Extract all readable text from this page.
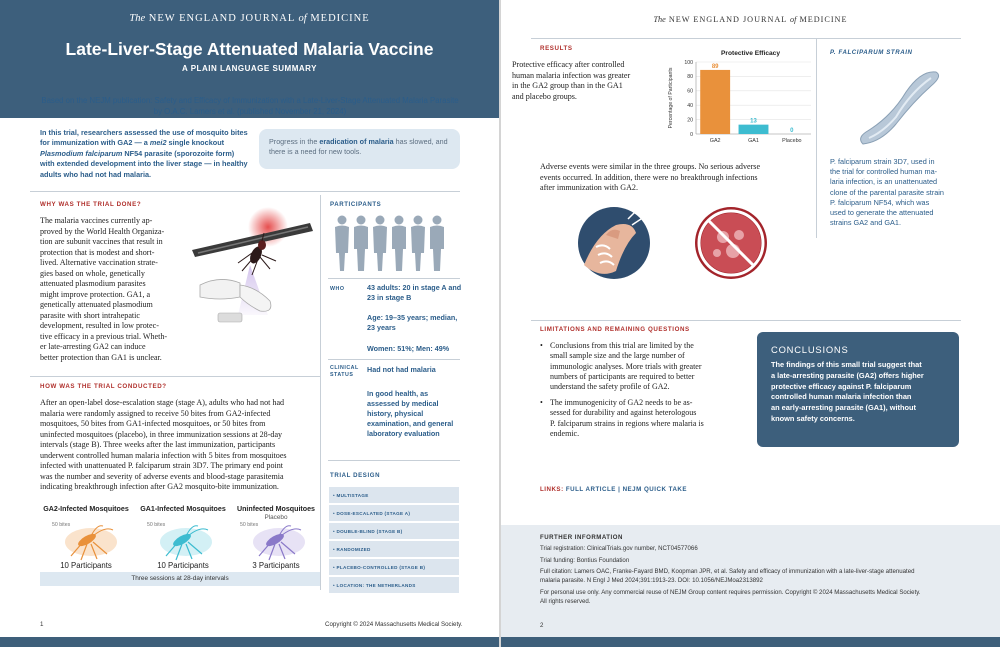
The NEW ENGLAND JOURNAL of MEDICINE
Late-Liver-Stage Attenuated Malaria Vaccine
A PLAIN LANGUAGE SUMMARY
Based on the NEJM publication: Safety and Efficacy of Immunization with a Late-Liver-Stage Attenuated Malaria Parasite
by O.A.C. Lamers et al. (published November 21, 2024)
In this trial, researchers assessed the use of mosquito bites for immunization with GA2 — a mei2 single knockout Plasmodium falciparum NF54 parasite (sporozoite form) with extended development into the liver stage — in healthy adults who had not had malaria.
Progress in the eradication of malaria has slowed, and there is a need for new tools.
WHY WAS THE TRIAL DONE?
The malaria vaccines currently ap-
proved by the World Health Organiza-
tion are subunit vaccines that result in
protection that is modest and short-
lived. Alternative vaccination strate-
gies based on whole, genetically
attenuated plasmodium parasites
might improve protection. GA1, a
genetically attenuated plasmodium
parasite with short intrahepatic
development, resulted in low protec-
tive efficacy in a previous trial. Wheth-
er late-arresting GA2 can induce
better protection than GA1 is unclear.
HOW WAS THE TRIAL CONDUCTED?
After an open-label dose-escalation stage (stage A), adults who had not had
malaria were randomly assigned to receive 50 bites from GA2-infected
mosquitoes, 50 bites from GA1-infected mosquitoes, or 50 bites from
uninfected mosquitoes (placebo), in three immunization sessions at 28-day
intervals (stage B). Three weeks after the last immunization, participants
underwent controlled human malaria infection with 5 bites from mosquitoes
infected with unattenuated P. falciparum strain 3D7. The primary end point
was the number and severity of adverse events and blood-stage parasitemia
indicating breakthrough infection after GA2 mosquito-bite immunization.
GA2-Infected Mosquitoes	GA1-Infected Mosquitoes	Uninfected Mosquitoes
Placebo
50 bites	50 bites	50 bites
10 Participants	10 Participants	3 Participants
Three sessions at 28-day intervals
PARTICIPANTS
WHO	43 adults: 20 in stage A and 23 in stage B
Age: 19–35 years; median, 23 years
Women: 51%; Men: 49%
CLINICAL
STATUS
Had not had malaria
In good health, as assessed by medical history, physical examination, and general laboratory evaluation
TRIAL DESIGN
• MULTISTAGE
• DOSE-ESCALATED (STAGE A)
• DOUBLE-BLIND (STAGE B)
• RANDOMIZED
• PLACEBO-CONTROLLED (STAGE B)
• LOCATION: THE NETHERLANDS
1	Copyright © 2024 Massachusetts Medical Society.
The NEW ENGLAND JOURNAL of MEDICINE
RESULTS
Protective efficacy after controlled
human malaria infection was greater
in the GA2 group than in the GA1
and placebo groups.
Protective Efficacy
Percentage of Participants
0
20
40
60
80
100
89
GA2
13
GA1
0
Placebo
P. FALCIPARUM STRAIN
P. falciparum strain 3D7, used in
the trial for controlled human ma-
laria infection, is an unattenuated
clone of the parental parasite strain
P. falciparum NF54, which was
used to generate the attenuated
strains GA2 and GA1.
Adverse events were similar in the three groups. No serious adverse
events occurred. In addition, there were no breakthrough infections
after immunization with GA2.
LIMITATIONS AND REMAINING QUESTIONS
• Conclusions from this trial are limited by the
small sample size and the large number of
immunologic analyses. More trials with greater
numbers of participants are required to better
understand the safety profile of GA2.
• The immunogenicity of GA2 needs to be as-
sessed for durability and against heterologous
P. falciparum strains in regions where malaria is
endemic.
LINKS: FULL ARTICLE | NEJM QUICK TAKE
FURTHER INFORMATION
Trial registration: ClinicalTrials.gov number, NCT04577066
Trial funding: Bontius Foundation
Full citation: Lamers OAC, Franke-Fayard BMD, Koopman JPR, et al. Safety and efficacy of immunization with a late-liver-stage attenuated
malaria parasite. N Engl J Med 2024;391:1913-23. DOI: 10.1056/NEJMoa2313892
For personal use only. Any commercial reuse of NEJM Group content requires permission. Copyright © 2024 Massachusetts Medical Society.
All rights reserved.
2
CONCLUSIONS
The findings of this small trial suggest that
a late-arresting parasite (GA2) offers higher
protective efficacy against P. falciparum
controlled human malaria infection than
an early-arresting parasite (GA1), without
known safety concerns.
